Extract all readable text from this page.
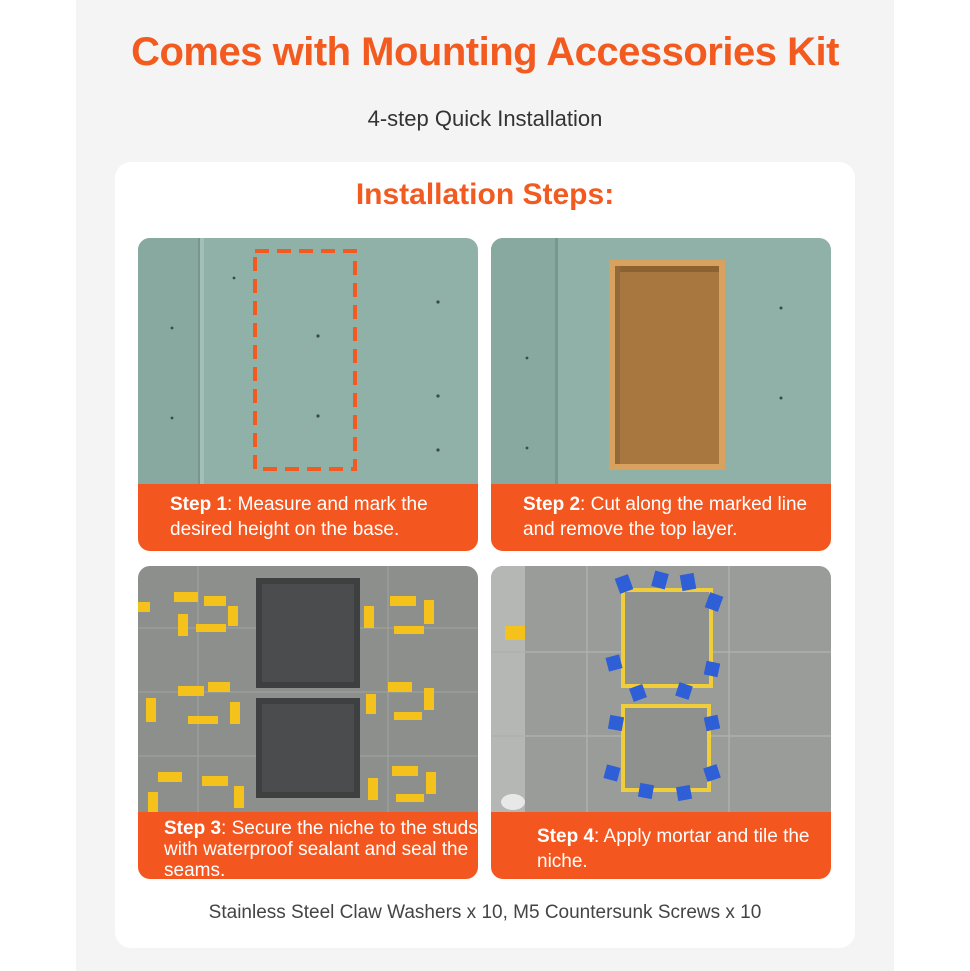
Comes with Mounting Accessories Kit

4-step Quick Installation

Installation Steps:
Step 1: Measure and mark the desired height on the base.
Step 2: Cut along the marked line and remove the top layer.
Step 3: Secure the niche to the studs with waterproof sealant and seal the seams.
Step 4: Apply mortar and tile the niche.

Stainless Steel Claw Washers x 10, M5 Countersunk Screws x 10
